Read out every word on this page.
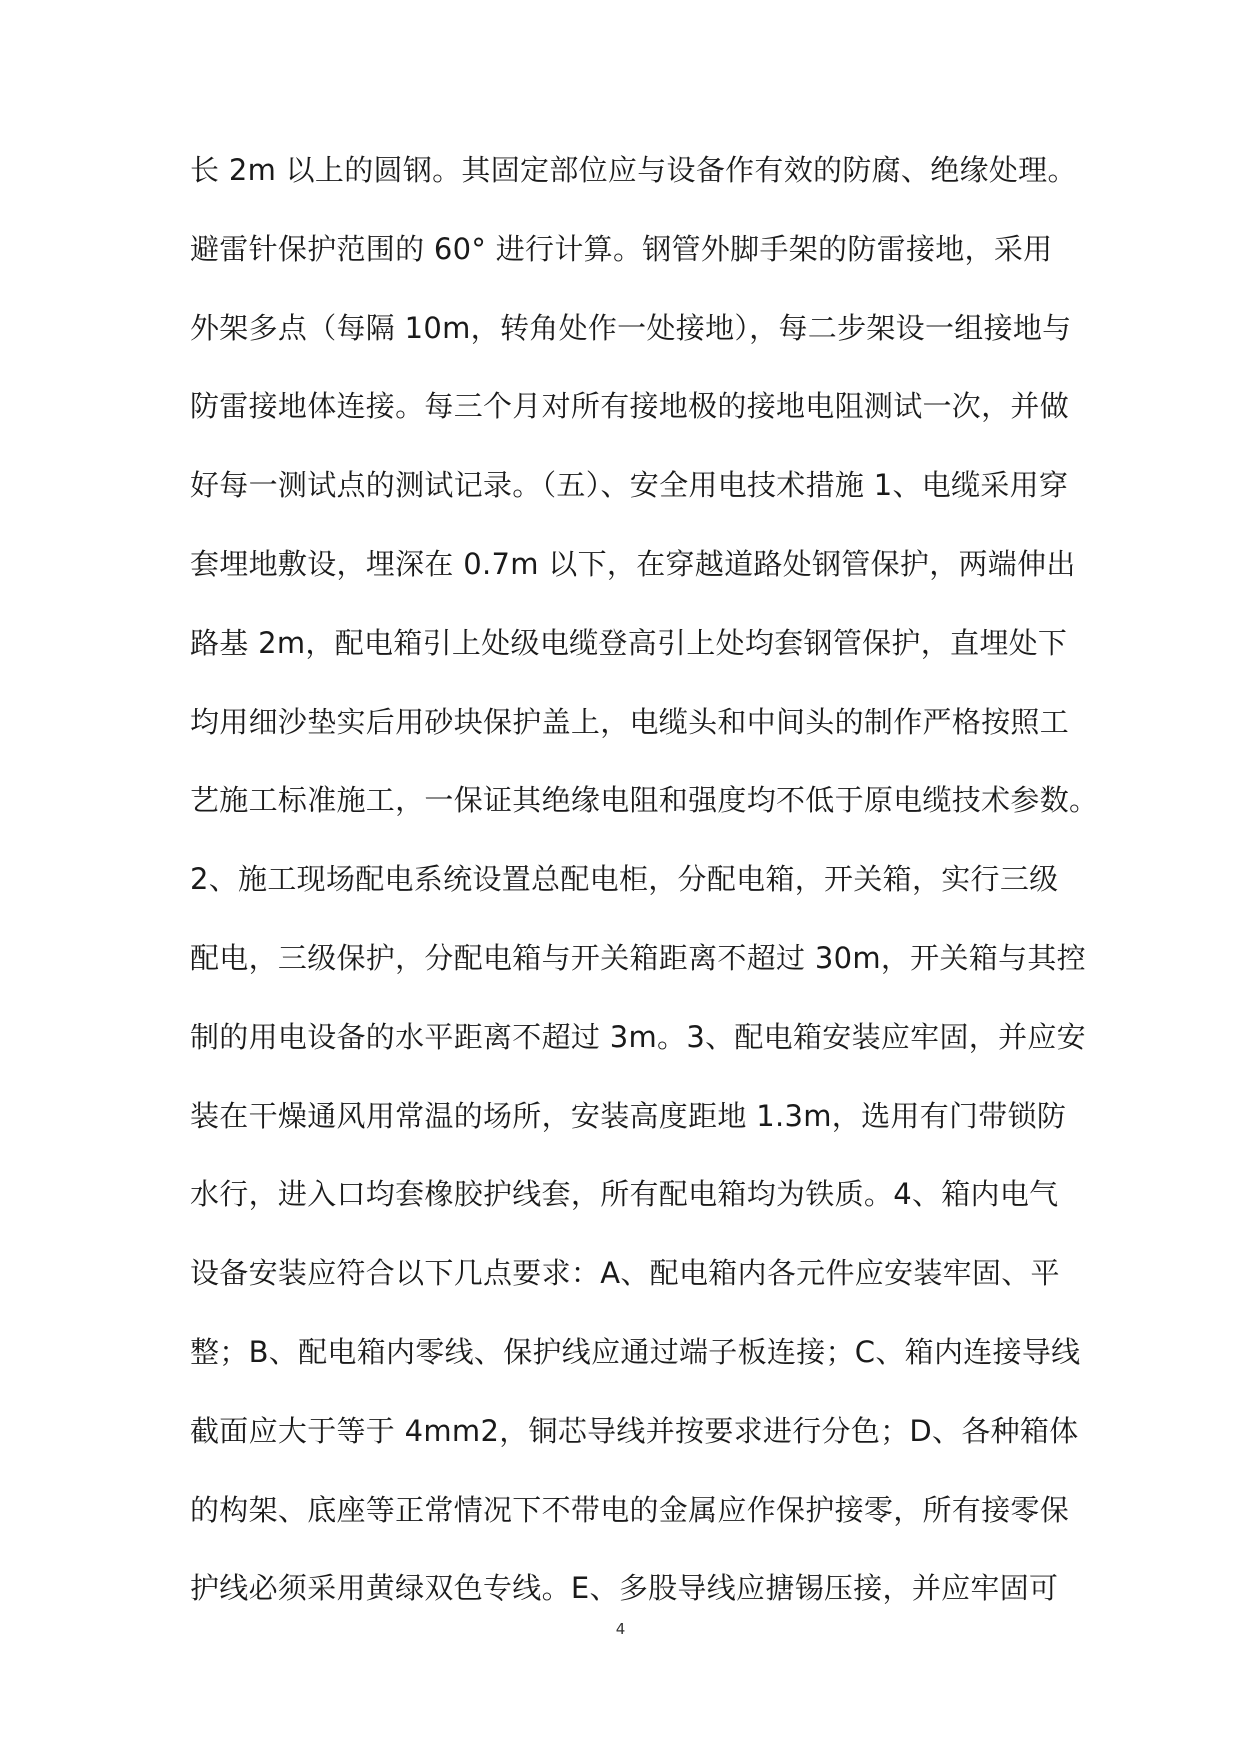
长 2m 以上的圆钢。其固定部位应与设备作有效的防腐、绝缘处理。
避雷针保护范围的 60° 进行计算。钢管外脚手架的防雷接地，采用
外架多点（每隔 10m，转角处作一处接地），每二步架设一组接地与
防雷接地体连接。每三个月对所有接地极的接地电阻测试一次，并做
好每一测试点的测试记录。（五）、安全用电技术措施 1、电缆采用穿
套埋地敷设，埋深在 0.7m 以下，在穿越道路处钢管保护，两端伸出
路基 2m，配电箱引上处级电缆登高引上处均套钢管保护，直埋处下
均用细沙垫实后用砂块保护盖上，电缆头和中间头的制作严格按照工
艺施工标准施工，一保证其绝缘电阻和强度均不低于原电缆技术参数。
2、施工现场配电系统设置总配电柜，分配电箱，开关箱，实行三级
配电，三级保护，分配电箱与开关箱距离不超过 30m，开关箱与其控
制的用电设备的水平距离不超过 3m。3、配电箱安装应牢固，并应安
装在干燥通风用常温的场所，安装高度距地 1.3m，选用有门带锁防
水行，进入口均套橡胶护线套，所有配电箱均为铁质。4、箱内电气
设备安装应符合以下几点要求：A、配电箱内各元件应安装牢固、平
整；B、配电箱内零线、保护线应通过端子板连接；C、箱内连接导线
截面应大于等于 4mm2，铜芯导线并按要求进行分色；D、各种箱体
的构架、底座等正常情况下不带电的金属应作保护接零，所有接零保
护线必须采用黄绿双色专线。E、多股导线应搪锡压接，并应牢固可
4
